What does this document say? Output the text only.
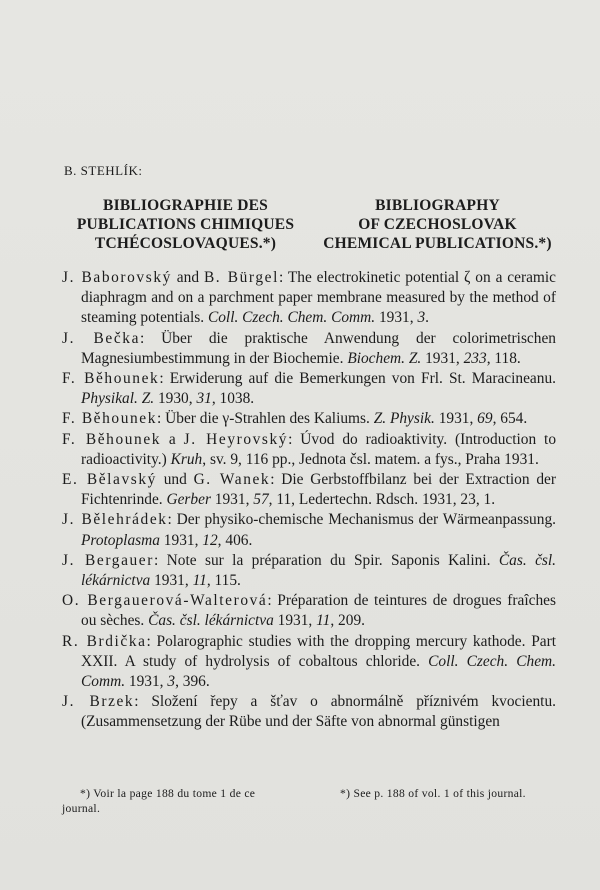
B. STEHLÍK:
BIBLIOGRAPHIE DES
PUBLICATIONS CHIMIQUES
TCHÉCOSLOVAQUES.*)
BIBLIOGRAPHY
OF CZECHOSLOVAK
CHEMICAL PUBLICATIONS.*)

J. Baborovský and B. Bürgel: The electrokinetic potential ζ on a ceramic diaphragm and on a parchment paper membrane measured by the method of steaming potentials. Coll. Czech. Chem. Comm. 1931, 3.

J. Bečka: Über die praktische Anwendung der colorimetrischen Magnesiumbestimmung in der Biochemie. Biochem. Z. 1931, 233, 118.

F. Běhounek: Erwiderung auf die Bemerkungen von Frl. St. Maracineanu. Physikal. Z. 1930, 31, 1038.

F. Běhounek: Über die γ-Strahlen des Kaliums. Z. Physik. 1931, 69, 654.

F. Běhounek a J. Heyrovský: Úvod do radioaktivity. (Introduction to radioactivity.) Kruh, sv. 9, 116 pp., Jednota čsl. matem. a fys., Praha 1931.

E. Bělavský und G. Wanek: Die Gerbstoffbilanz bei der Extraction der Fichtenrinde. Gerber 1931, 57, 11, Ledertechn. Rdsch. 1931, 23, 1.

J. Bělehrádek: Der physiko-chemische Mechanismus der Wärmeanpassung. Protoplasma 1931, 12, 406.

J. Bergauer: Note sur la préparation du Spir. Saponis Kalini. Čas. čsl. lékárnictva 1931, 11, 115.

O. Bergauerová-Walterová: Préparation de teintures de drogues fraîches ou sèches. Čas. čsl. lékárnictva 1931, 11, 209.

R. Brdička: Polarographic studies with the dropping mercury kathode. Part XXII. A study of hydrolysis of cobaltous chloride. Coll. Czech. Chem. Comm. 1931, 3, 396.

J. Brzek: Složení řepy a šťav o abnormálně příznivém kvocientu. (Zusammensetzung der Rübe und der Säfte von abnormal günstigen

*) Voir la page 188 du tome 1 de ce journal.
*) See p. 188 of vol. 1 of this journal.
